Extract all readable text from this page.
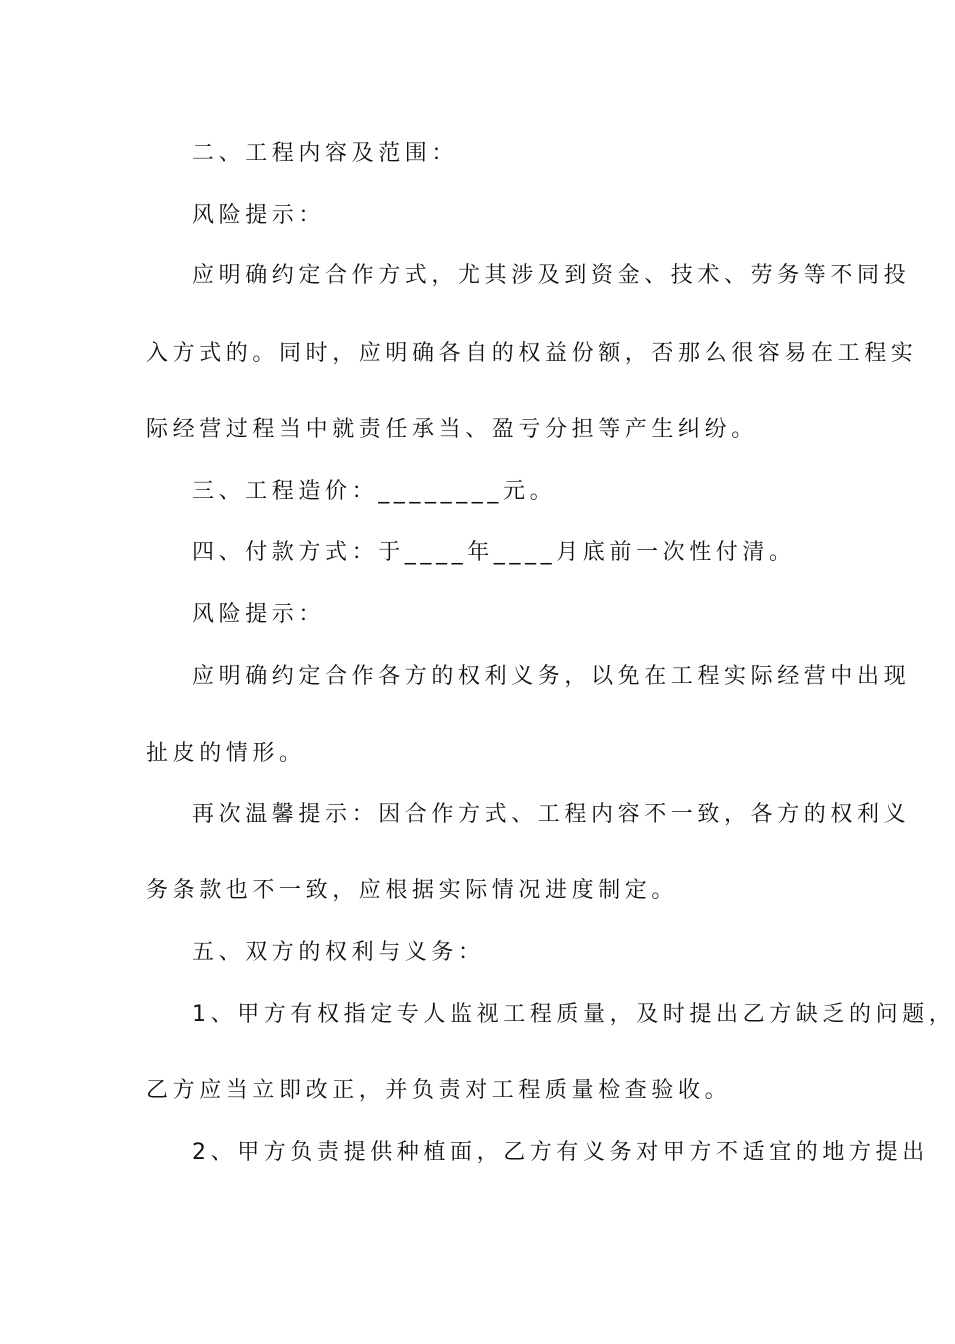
二、工程内容及范围：
风险提示：
应明确约定合作方式，尤其涉及到资金、技术、劳务等不同投
入方式的。同时，应明确各自的权益份额，否那么很容易在工程实
际经营过程当中就责任承当、盈亏分担等产生纠纷。
三、工程造价：________元。
四、付款方式：于____年____月底前一次性付清。
风险提示：
应明确约定合作各方的权利义务，以免在工程实际经营中出现
扯皮的情形。
再次温馨提示：因合作方式、工程内容不一致，各方的权利义
务条款也不一致，应根据实际情况进度制定。
五、双方的权利与义务：
1、甲方有权指定专人监视工程质量，及时提出乙方缺乏的问题，
乙方应当立即改正，并负责对工程质量检查验收。
2、甲方负责提供种植面，乙方有义务对甲方不适宜的地方提出
